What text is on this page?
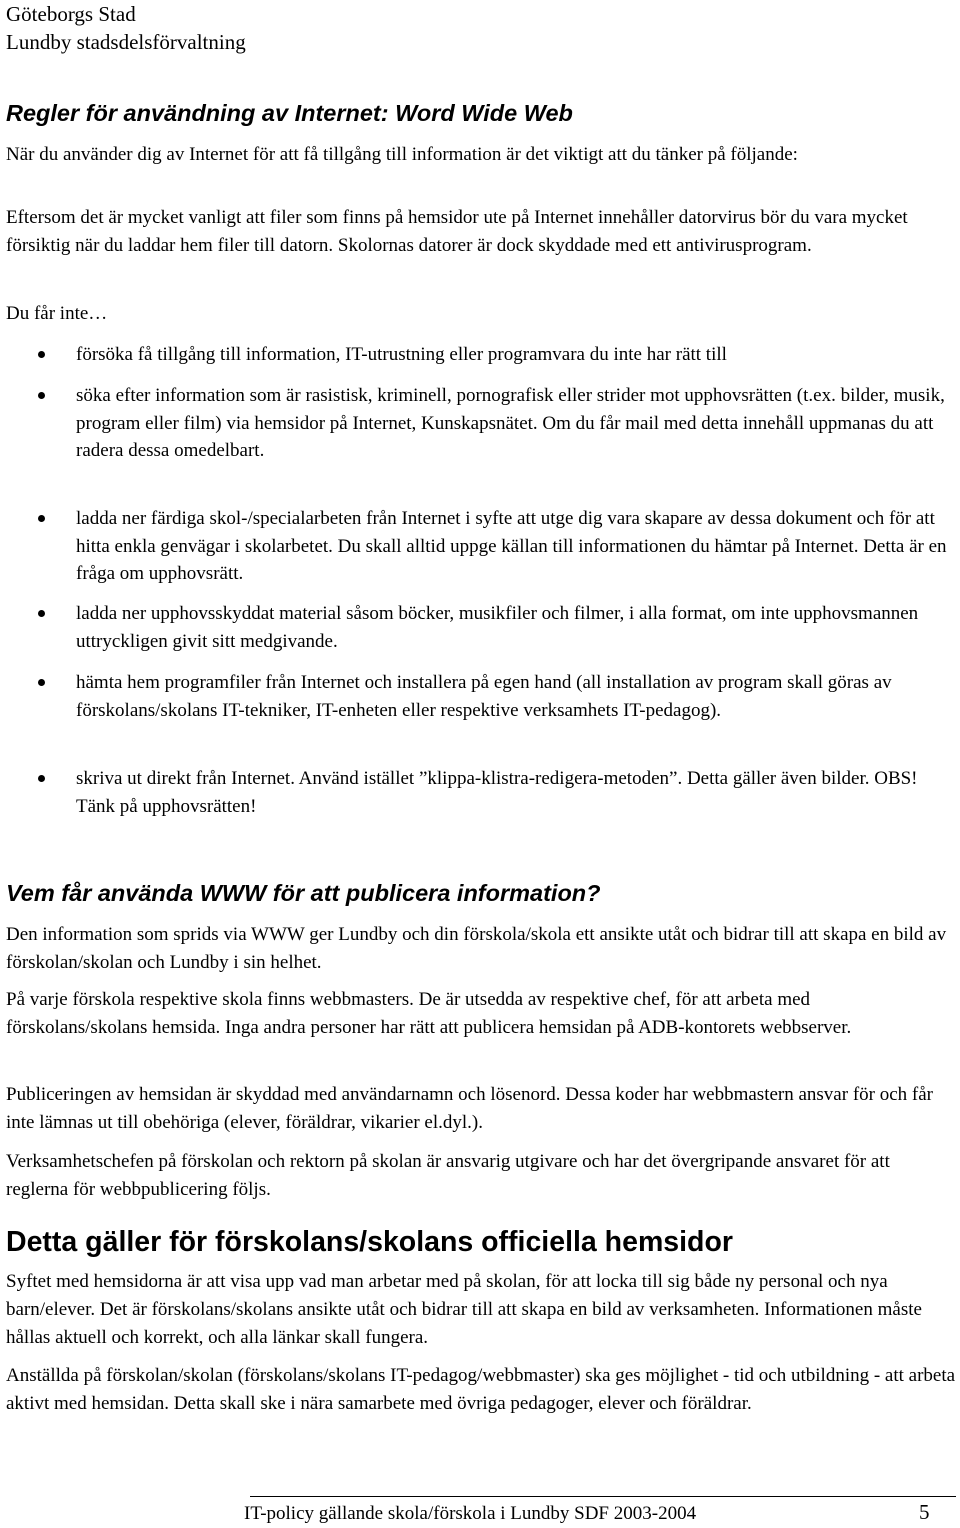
Göteborgs Stad
Lundby stadsdelsförvaltning
Regler för användning av Internet: Word Wide Web

När du använder dig av Internet för att få tillgång till information är det viktigt att du tänker på följande:

Eftersom det är mycket vanligt att filer som finns på hemsidor ute på Internet innehåller datorvirus bör du vara mycket försiktig när du laddar hem filer till datorn. Skolornas datorer är dock skyddade med ett antivirusprogram.

Du får inte…

försöka få tillgång till information, IT-utrustning eller programvara du inte har rätt till
söka efter information som är rasistisk, kriminell, pornografisk eller strider mot upphovsrätten (t.ex. bilder, musik, program eller film) via hemsidor på Internet, Kunskapsnätet. Om du får mail med detta innehåll uppmanas du att radera dessa omedelbart.
ladda ner färdiga skol-/specialarbeten från Internet i syfte att utge dig vara skapare av dessa dokument och för att hitta enkla genvägar i skolarbetet. Du skall alltid uppge källan till informationen du hämtar på Internet. Detta är en fråga om upphovsrätt.
ladda ner upphovsskyddat material såsom böcker, musikfiler och filmer, i alla format, om inte upphovsmannen uttryckligen givit sitt medgivande.
hämta hem programfiler från Internet och installera på egen hand (all installation av program skall göras av förskolans/skolans IT-tekniker, IT-enheten eller respektive verksamhets IT-pedagog).
skriva ut direkt från Internet. Använd istället ”klippa-klistra-redigera-metoden”. Detta gäller även bilder. OBS! Tänk på upphovsrätten!
Vem får använda WWW för att publicera information?

Den information som sprids via WWW ger Lundby och din förskola/skola ett ansikte utåt och bidrar till att skapa en bild av förskolan/skolan och Lundby i sin helhet.

På varje förskola respektive skola finns webbmasters. De är utsedda av respektive chef, för att arbeta med förskolans/skolans hemsida. Inga andra personer har rätt att publicera hemsidan på ADB-kontorets webbserver.

Publiceringen av hemsidan är skyddad med användarnamn och lösenord. Dessa koder har webbmastern ansvar för och får inte lämnas ut till obehöriga (elever, föräldrar, vikarier el.dyl.).

Verksamhetschefen på förskolan och rektorn på skolan är ansvarig utgivare och har det övergripande ansvaret för att reglerna för webbpublicering följs.

Detta gäller för förskolans/skolans officiella hemsidor

Syftet med hemsidorna är att visa upp vad man arbetar med på skolan, för att locka till sig både ny personal och nya barn/elever. Det är förskolans/skolans ansikte utåt och bidrar till att skapa en bild av verksamheten. Informationen måste hållas aktuell och korrekt, och alla länkar skall fungera.

Anställda på förskolan/skolan (förskolans/skolans IT-pedagog/webbmaster) ska ges möjlighet - tid och utbildning - att arbeta aktivt med hemsidan. Detta skall ske i nära samarbete med övriga pedagoger, elever och föräldrar.

IT-policy gällande skola/förskola i Lundby SDF 2003-2004	5
